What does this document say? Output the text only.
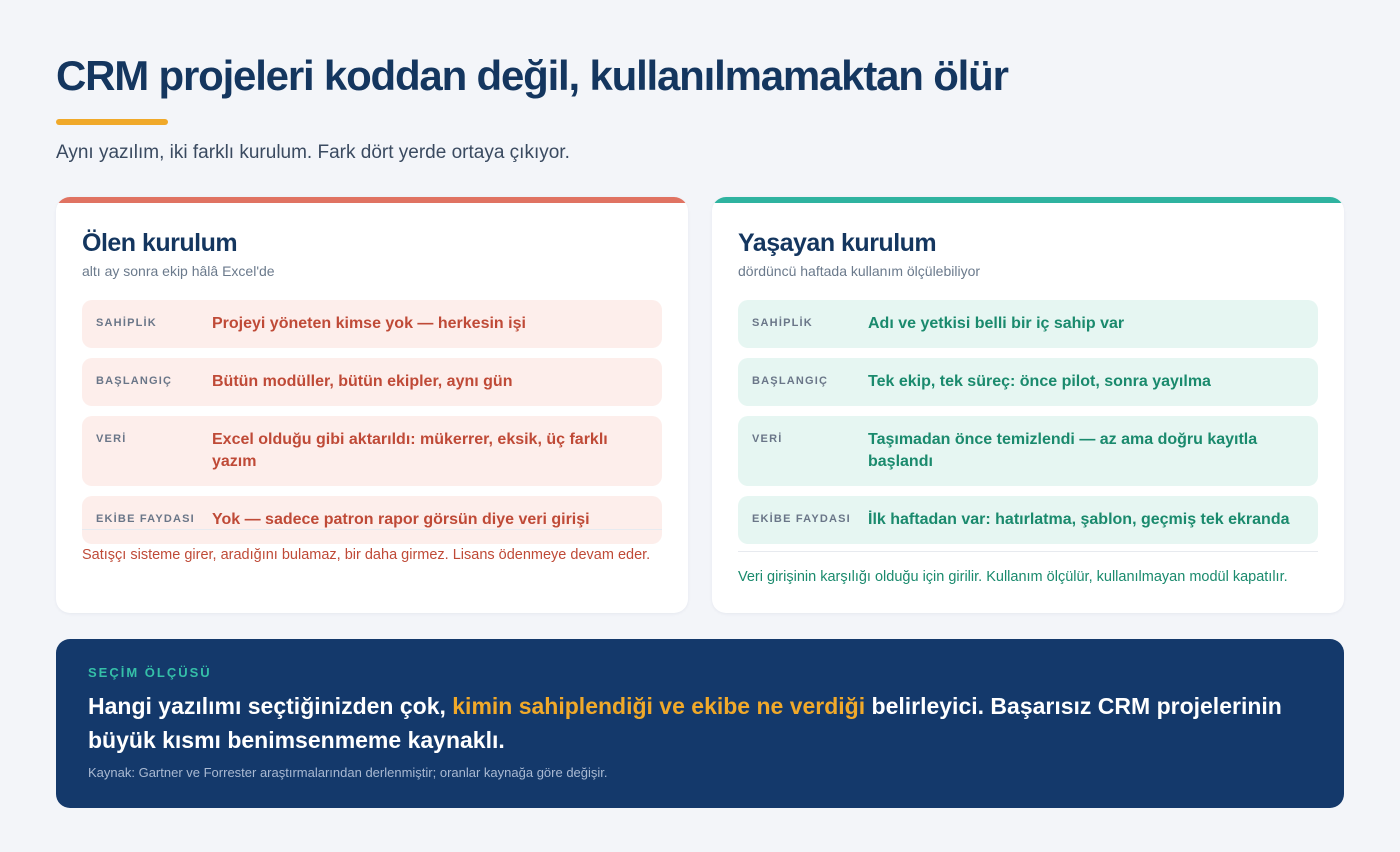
CRM projeleri koddan değil, kullanılmamaktan ölür

Aynı yazılım, iki farklı kurulum. Fark dört yerde ortaya çıkıyor.

Ölen kurulum
altı ay sonra ekip hâlâ Excel'de
SAHİPLİK	Projeyi yöneten kimse yok — herkesin işi
BAŞLANGIÇ	Bütün modüller, bütün ekipler, aynı gün
VERİ	Excel olduğu gibi aktarıldı: mükerrer, eksik, üç farklı yazım
EKİBE FAYDASI	Yok — sadece patron rapor görsün diye veri girişi

Satışçı sisteme girer, aradığını bulamaz, bir daha girmez. Lisans ödenmeye devam eder.

Yaşayan kurulum
dördüncü haftada kullanım ölçülebiliyor
SAHİPLİK	Adı ve yetkisi belli bir iç sahip var
BAŞLANGIÇ	Tek ekip, tek süreç: önce pilot, sonra yayılma
VERİ	Taşımadan önce temizlendi — az ama doğru kayıtla başlandı
EKİBE FAYDASI	İlk haftadan var: hatırlatma, şablon, geçmiş tek ekranda

Veri girişinin karşılığı olduğu için girilir. Kullanım ölçülür, kullanılmayan modül kapatılır.

SEÇİM ÖLÇÜSÜ

Hangi yazılımı seçtiğinizden çok, kimin sahiplendiği ve ekibe ne verdiği belirleyici. Başarısız CRM projelerinin büyük kısmı benimsenmeme kaynaklı.

Kaynak: Gartner ve Forrester araştırmalarından derlenmiştir; oranlar kaynağa göre değişir.
